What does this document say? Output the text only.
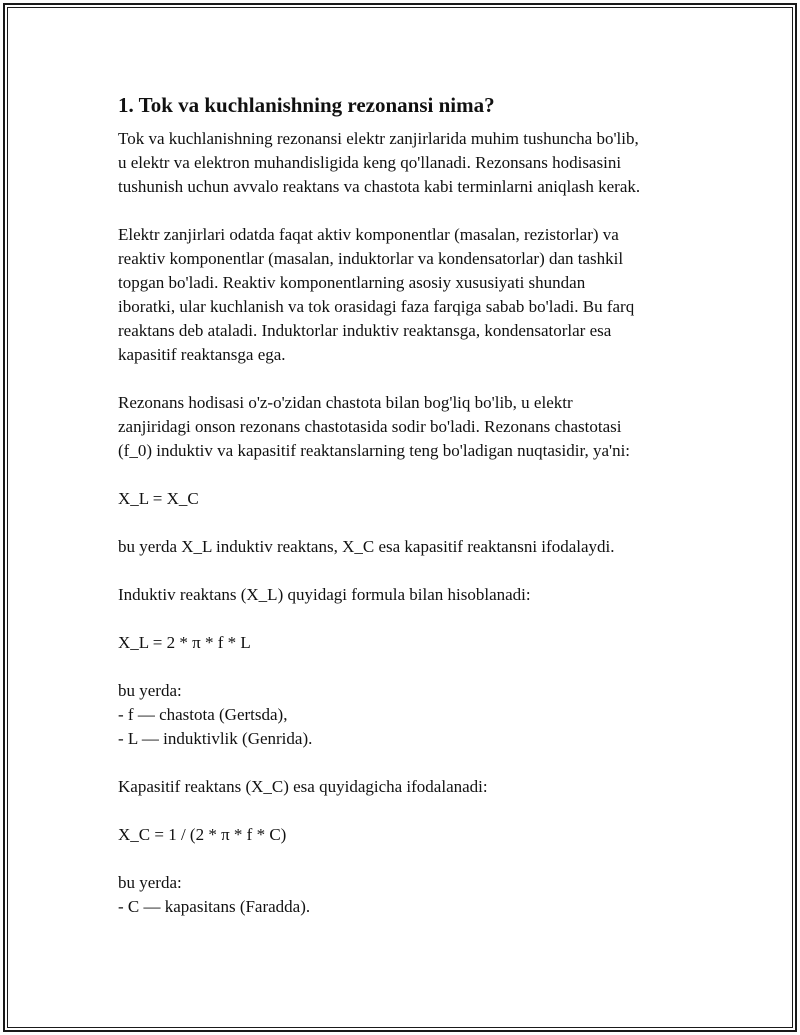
1. Tok va kuchlanishning rezonansi nima?

Tok va kuchlanishning rezonansi elektr zanjirlarida muhim tushuncha bo'lib,
u elektr va elektron muhandisligida keng qo'llanadi. Rezonsans hodisasini
tushunish uchun avvalo reaktans va chastota kabi terminlarni aniqlash kerak.

Elektr zanjirlari odatda faqat aktiv komponentlar (masalan, rezistorlar) va
reaktiv komponentlar (masalan, induktorlar va kondensatorlar) dan tashkil
topgan bo'ladi. Reaktiv komponentlarning asosiy xususiyati shundan
iboratki, ular kuchlanish va tok orasidagi faza farqiga sabab bo'ladi. Bu farq
reaktans deb ataladi. Induktorlar induktiv reaktansga, kondensatorlar esa
kapasitif reaktansga ega.

Rezonans hodisasi o'z-o'zidan chastota bilan bog'liq bo'lib, u elektr
zanjiridagi onson rezonans chastotasida sodir bo'ladi. Rezonans chastotasi
(f_0) induktiv va kapasitif reaktanslarning teng bo'ladigan nuqtasidir, ya'ni:

X_L = X_C

bu yerda X_L induktiv reaktans, X_C esa kapasitif reaktansni ifodalaydi.

Induktiv reaktans (X_L) quyidagi formula bilan hisoblanadi:

X_L = 2 * π * f * L

bu yerda:
- f — chastota (Gertsda),
- L — induktivlik (Genrida).

Kapasitif reaktans (X_C) esa quyidagicha ifodalanadi:

X_C = 1 / (2 * π * f * C)

bu yerda:
- C — kapasitans (Faradda).
